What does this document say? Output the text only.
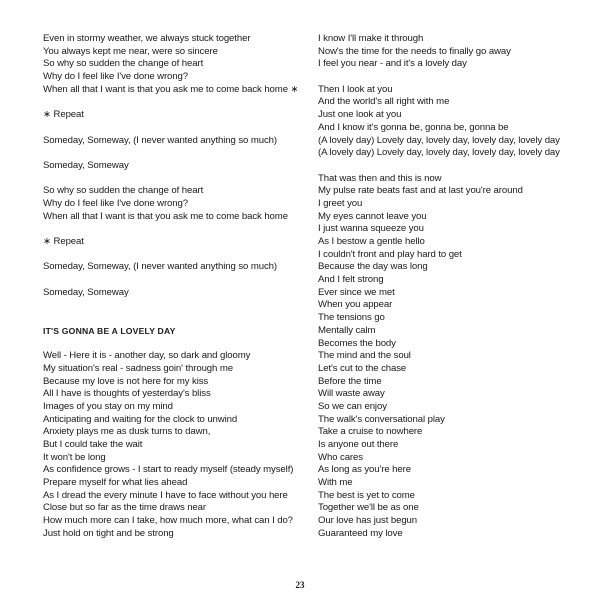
Even in stormy weather, we always stuck together
You always kept me near, were so sincere
So why so sudden the change of heart
Why do I feel like I've done wrong?
When all that I want is that you ask me to come back home ∗
∗ Repeat
Someday, Someway, (I never wanted anything so much)
Someday, Someway
So why so sudden the change of heart
Why do I feel like I've done wrong?
When all that I want is that you ask me to come back home
∗ Repeat
Someday, Someway, (I never wanted anything so much)
Someday, Someway
IT'S GONNA BE A LOVELY DAY
Well - Here it is - another day, so dark and gloomy
My situation's real - sadness goin' through me
Because my love is not here for my kiss
All I have is thoughts of yesterday's bliss
Images of you stay on my mind
Anticipating and waiting for the clock to unwind
Anxiety plays me as dusk turns to dawn,
But I could take the wait
It won't be long
As confidence grows - I start to ready myself (steady myself)
Prepare myself for what lies ahead
As I dread the every minute I have to face without you here
Close but so far as the time draws near
How much more can I take, how much more, what can I do?
Just hold on tight and be strong
I know I'll make it through
Now's the time for the needs to finally go away
I feel you near - and it's a lovely day
Then I look at you
And the world's all right with me
Just one look at you
And I know it's gonna be, gonna be, gonna be
(A lovely day) Lovely day, lovely day, lovely day, lovely day
(A lovely day) Lovely day, lovely day, lovely day, lovely day
That was then and this is now
My pulse rate beats fast and at last you're around
I greet you
My eyes cannot leave you
I just wanna squeeze you
As I bestow a gentle hello
I couldn't front and play hard to get
Because the day was long
And I felt strong
Ever since we met
When you appear
The tensions go
Mentally calm
Becomes the body
The mind and the soul
Let's cut to the chase
Before the time
Will waste away
So we can enjoy
The walk's conversational play
Take a cruise to nowhere
Is anyone out there
Who cares
As long as you're here
With me
The best is yet to come
Together we'll be as one
Our love has just begun
Guaranteed my love
23
